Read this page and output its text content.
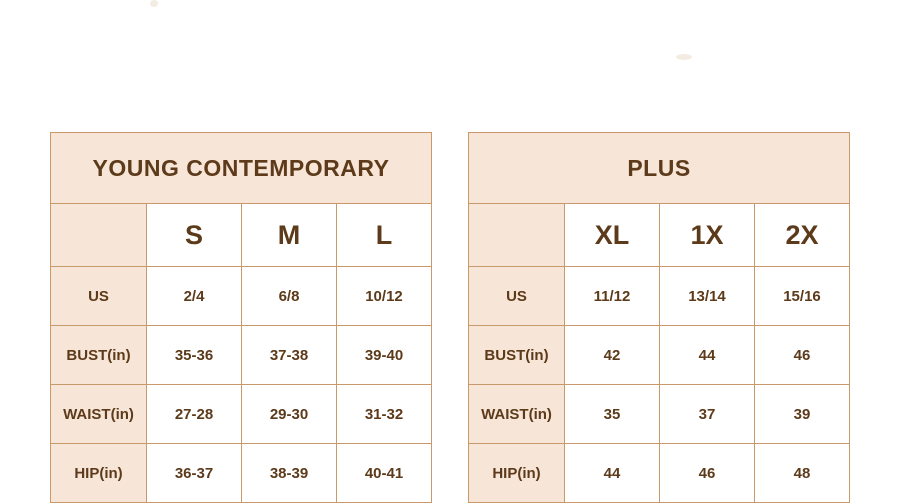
YOUNG CONTEMPORARY			
	S	M	L
US	2/4	6/8	10/12
BUST(in)	35-36	37-38	39-40
WAIST(in)	27-28	29-30	31-32
HIP(in)	36-37	38-39	40-41
PLUS			
	XL	1X	2X
US	11/12	13/14	15/16
BUST(in)	42	44	46
WAIST(in)	35	37	39
HIP(in)	44	46	48
